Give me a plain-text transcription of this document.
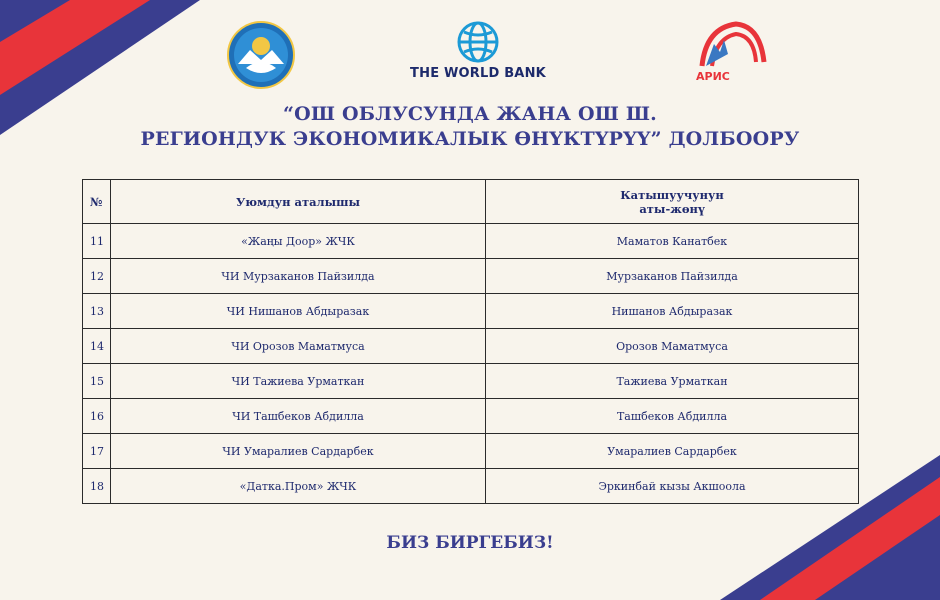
THE WORLD BANK	АРИС
“ОШ ОБЛУСУНДА ЖАНА ОШ Ш.
РЕГИОНДУК ЭКОНОМИКАЛЫК ӨНҮКТҮРҮҮ” ДОЛБООРУ
№	Уюмдун аталышы	Катышуучунун
аты-жөнү

11	«Жаңы Доор» ЖЧК	Маматов Канатбек
12	ЧИ Мурзаканов Пайзилда	Мурзаканов Пайзилда
13	ЧИ Нишанов Абдыразак	Нишанов Абдыразак
14	ЧИ Орозов Маматмуса	Орозов Маматмуса
15	ЧИ Тажиева Урматкан	Тажиева Урматкан
16	ЧИ Ташбеков Абдилла	Ташбеков Абдилла
17	ЧИ Умаралиев Сардарбек	Умаралиев Сардарбек
18	«Датка.Пром» ЖЧК	Эркинбай кызы Акшоола
БИЗ БИРГЕБИЗ!
